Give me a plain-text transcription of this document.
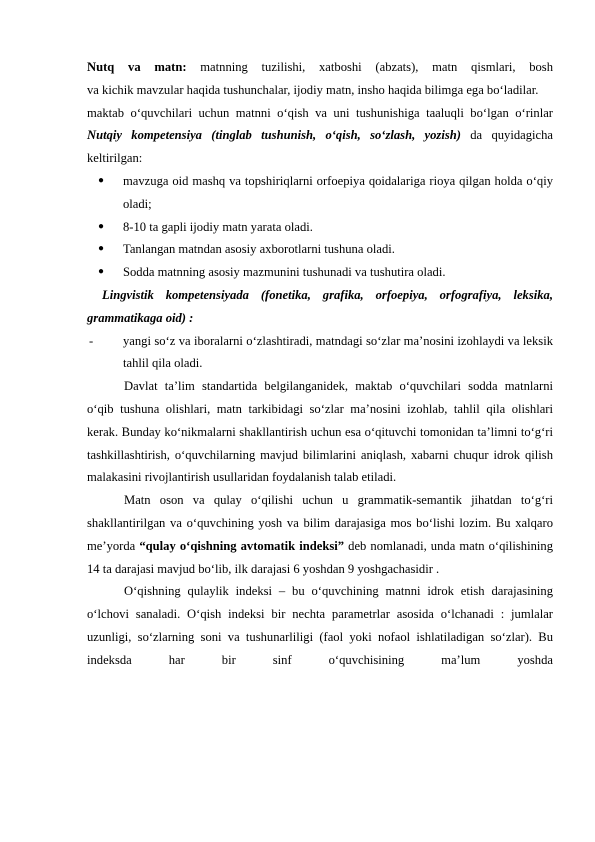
Nutq va matn: matnning tuzilishi, xatboshi (abzats), matn qismlari, bosh

va kichik mavzular haqida tushunchalar, ijodiy matn, insho haqida bilimga ega bo‘ladilar.

maktab o‘quvchilari uchun matnni o‘qish va uni tushunishiga taaluqli bo‘lgan o‘rinlar Nutqiy kompetensiya (tinglab tushunish, o‘qish, so‘zlash, yozish) da quyidagicha keltirilgan:

● mavzuga oid mashq va topshiriqlarni orfoepiya qoidalariga rioya qilgan holda o‘qiy oladi;
● 8-10 ta gapli ijodiy matn yarata oladi.
● Tanlangan matndan asosiy axborotlarni tushuna oladi.
● Sodda matnning asosiy mazmunini tushunadi va tushutira oladi.

Lingvistik kompetensiyada (fonetika, grafika, orfoepiya, orfografiya, leksika, grammatikaga oid) :

- yangi so‘z va iboralarni o‘zlashtiradi, matndagi so‘zlar ma’nosini izohlaydi va leksik tahlil qila oladi.

Davlat ta’lim standartida belgilanganidek, maktab o‘quvchilari sodda matnlarni o‘qib tushuna olishlari, matn tarkibidagi so‘zlar ma’nosini izohlab, tahlil qila olishlari kerak. Bunday ko‘nikmalarni shakllantirish uchun esa o‘qituvchi tomonidan ta’limni to‘g‘ri tashkillashtirish, o‘quvchilarning mavjud bilimlarini aniqlash, xabarni chuqur idrok qilish malakasini rivojlantirish usullaridan foydalanish talab etiladi.

Matn oson va qulay o‘qilishi uchun u grammatik-semantik jihatdan to‘g‘ri shakllantirilgan va o‘quvchining yosh va bilim darajasiga mos bo‘lishi lozim. Bu xalqaro me’yorda “qulay o‘qishning avtomatik indeksi” deb nomlanadi, unda matn o‘qilishining 14 ta darajasi mavjud bo‘lib, ilk darajasi 6 yoshdan 9 yoshgachasidir .

O‘qishning qulaylik indeksi – bu o‘quvchining matnni idrok etish darajasining o‘lchovi sanaladi. O‘qish indeksi bir nechta parametrlar asosida o‘lchanadi : jumlalar uzunligi, so‘zlarning soni va tushunarliligi (faol yoki nofaol ishlatiladigan so‘zlar). Bu indeksda har bir sinf o‘quvchisining ma’lum yoshda
